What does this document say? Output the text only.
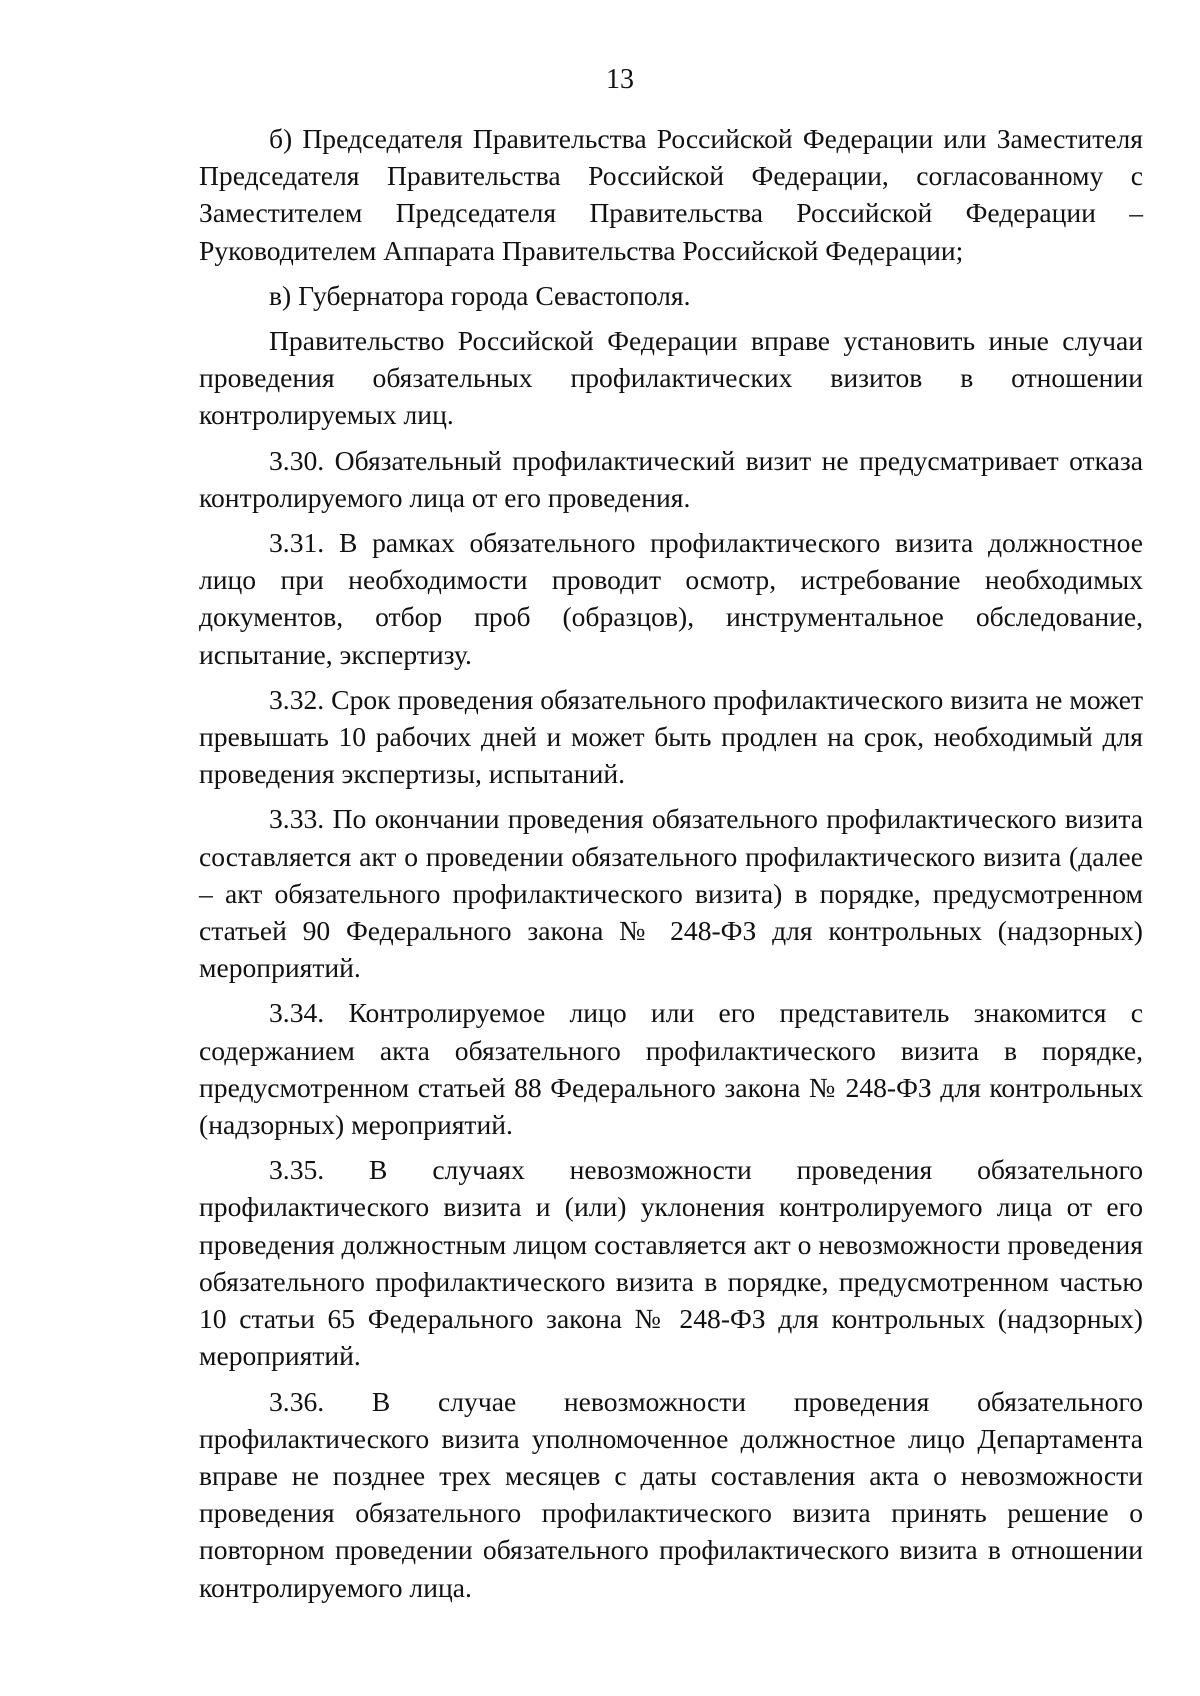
13

б) Председателя Правительства Российской Федерации или Заместителя Председателя Правительства Российской Федерации, согласованному с Заместителем Председателя Правительства Российской Федерации – Руководителем Аппарата Правительства Российской Федерации;

в) Губернатора города Севастополя.

Правительство Российской Федерации вправе установить иные случаи проведения обязательных профилактических визитов в отношении контролируемых лиц.

3.30. Обязательный профилактический визит не предусматривает отказа контролируемого лица от его проведения.

3.31. В рамках обязательного профилактического визита должностное лицо при необходимости проводит осмотр, истребование необходимых документов, отбор проб (образцов), инструментальное обследование, испытание, экспертизу.

3.32. Срок проведения обязательного профилактического визита не может превышать 10 рабочих дней и может быть продлен на срок, необходимый для проведения экспертизы, испытаний.

3.33. По окончании проведения обязательного профилактического визита составляется акт о проведении обязательного профилактического визита (далее – акт обязательного профилактического визита) в порядке, предусмотренном статьей 90 Федерального закона № 248-ФЗ для контрольных (надзорных) мероприятий.

3.34. Контролируемое лицо или его представитель знакомится с содержанием акта обязательного профилактического визита в порядке, предусмотренном статьей 88 Федерального закона № 248-ФЗ для контрольных (надзорных) мероприятий.

3.35. В случаях невозможности проведения обязательного профилактического визита и (или) уклонения контролируемого лица от его проведения должностным лицом составляется акт о невозможности проведения обязательного профилактического визита в порядке, предусмотренном частью 10 статьи 65 Федерального закона № 248-ФЗ для контрольных (надзорных) мероприятий.

3.36. В случае невозможности проведения обязательного профилактического визита уполномоченное должностное лицо Департамента вправе не позднее трех месяцев с даты составления акта о невозможности проведения обязательного профилактического визита принять решение о повторном проведении обязательного профилактического визита в отношении контролируемого лица.
